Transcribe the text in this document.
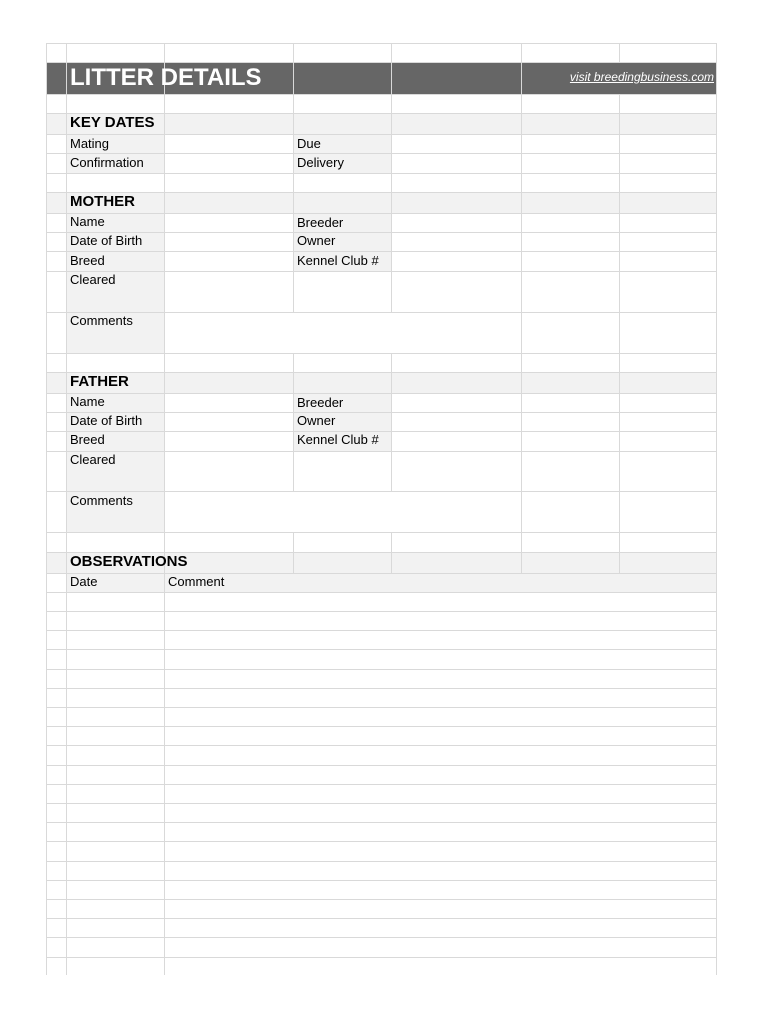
LITTER DETAILS	visit breedingbusiness.com
KEY DATES
Mating	Due
Confirmation	Delivery
MOTHER
Name	Breeder
Date of Birth	Owner
Breed	Kennel Club #
Cleared
Comments
FATHER
Name	Breeder
Date of Birth	Owner
Breed	Kennel Club #
Cleared
Comments
OBSERVATIONS
Date	Comment
